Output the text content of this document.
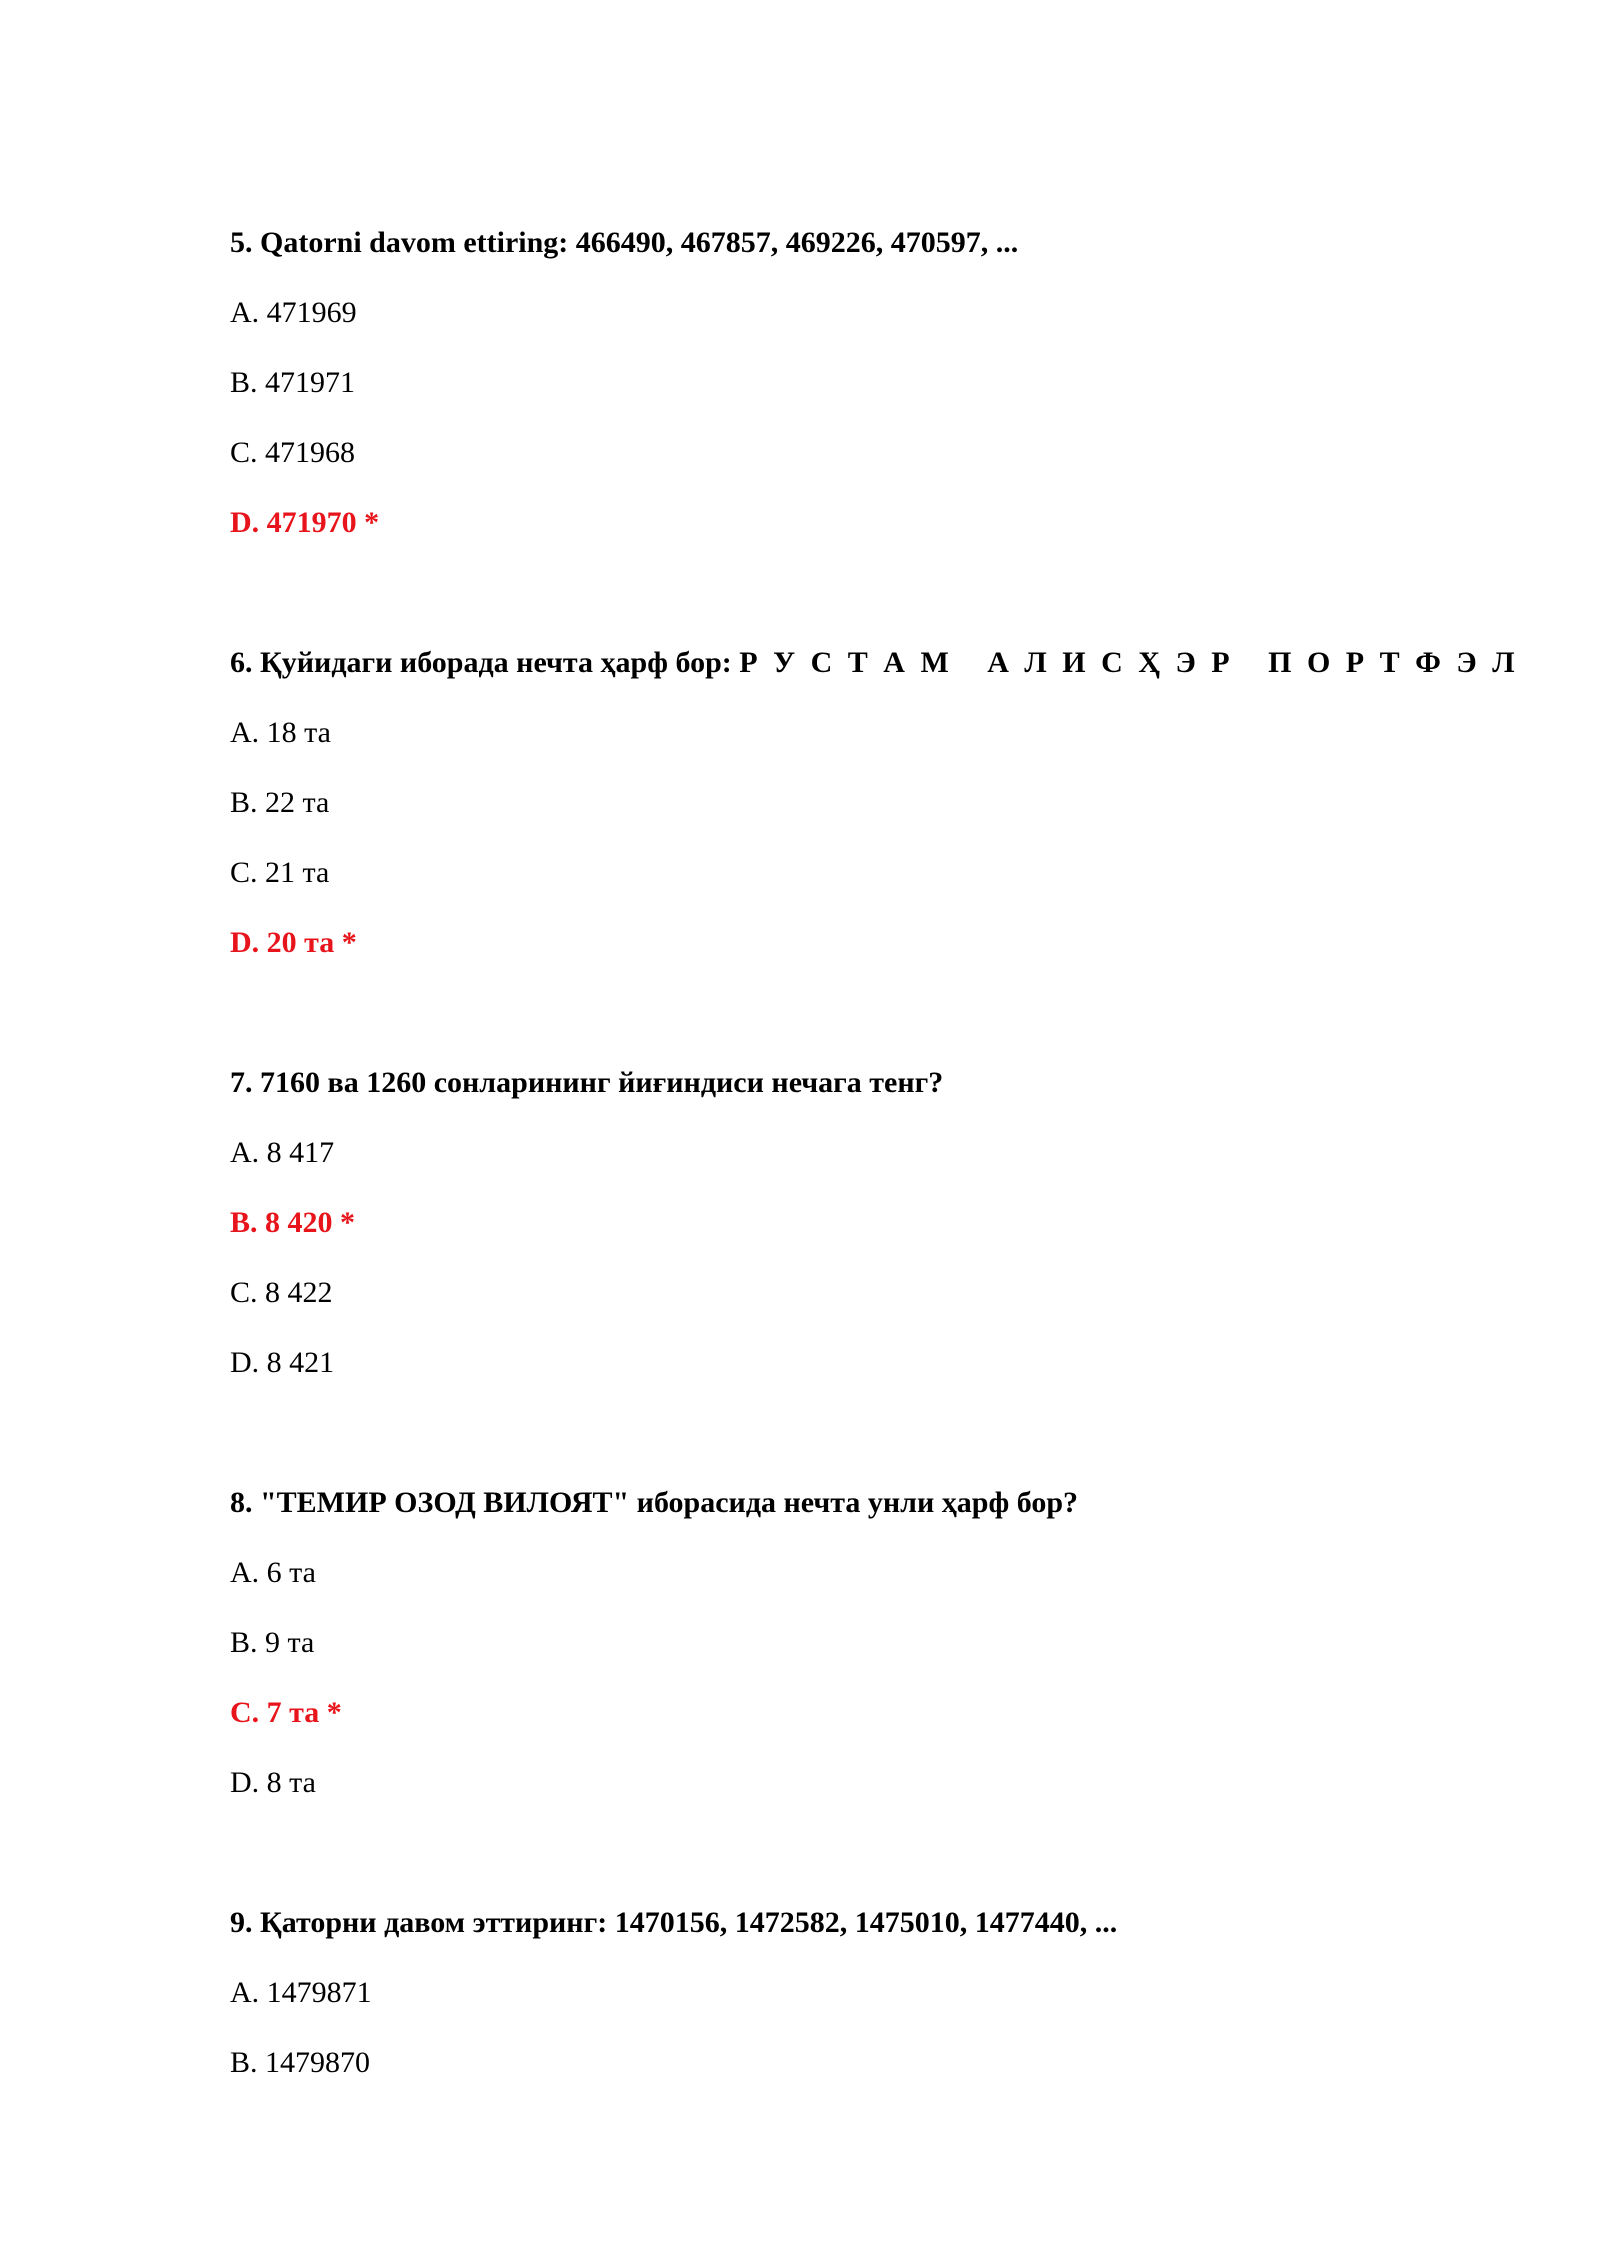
5. Qatorni davom ettiring: 466490, 467857, 469226, 470597, ...
A. 471969
B. 471971
C. 471968
D. 471970 *
6. Қуйидаги иборада нечта ҳарф бор: Р У С Т А М   А Л И С Ҳ Э Р   П О Р Т Ф Э Л
A. 18 та
B. 22 та
C. 21 та
D. 20 та *
7. 7160 ва 1260 сонларининг йиғиндиси нечага тенг?
A. 8 417
B. 8 420 *
C. 8 422
D. 8 421
8. "ТЕМИР ОЗОД ВИЛОЯТ" иборасида нечта унли ҳарф бор?
A. 6 та
B. 9 та
C. 7 та *
D. 8 та
9. Қаторни давом эттиринг: 1470156, 1472582, 1475010, 1477440, ...
A. 1479871
B. 1479870
